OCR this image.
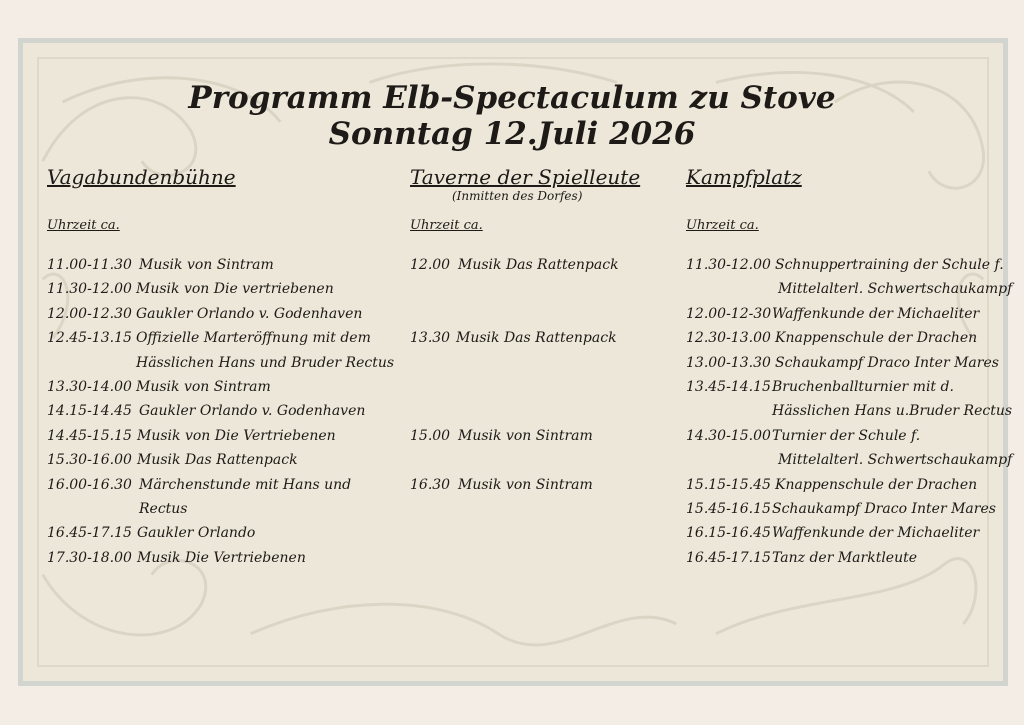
Programm Elb-Spectaculum zu Stove
Sonntag 12.Juli 2026
Vagabundenbühne
Uhrzeit ca.
11.00-11.30 Musik von Sintram
11.30-12.00 Musik von Die vertriebenen
12.00-12.30 Gaukler Orlando v. Godenhaven
12.45-13.15 Offizielle Marteröffnung mit dem
Hässlichen Hans und Bruder Rectus
13.30-14.00 Musik von Sintram
14.15-14.45 Gaukler Orlando v. Godenhaven
14.45-15.15 Musik von Die Vertriebenen
15.30-16.00 Musik Das Rattenpack
16.00-16.30 Märchenstunde mit Hans und
Rectus
16.45-17.15 Gaukler Orlando
17.30-18.00 Musik Die Vertriebenen
Taverne der Spielleute
(Inmitten des Dorfes)
Uhrzeit ca.
12.00 Musik Das Rattenpack
13.30 Musik Das Rattenpack
15.00 Musik von Sintram
16.30 Musik von Sintram
Kampfplatz
Uhrzeit ca.
11.30-12.00 Schnuppertraining der Schule f.
Mittelalterl. Schwertschaukampf
12.00-12-30 Waffenkunde der Michaeliter
12.30-13.00 Knappenschule der Drachen
13.00-13.30 Schaukampf Draco Inter Mares
13.45-14.15 Bruchenballturnier mit d.
Hässlichen Hans u.Bruder Rectus
14.30-15.00 Turnier der Schule f.
Mittelalterl. Schwertschaukampf
15.15-15.45 Knappenschule der Drachen
15.45-16.15 Schaukampf Draco Inter Mares
16.15-16.45 Waffenkunde der Michaeliter
16.45-17.15 Tanz der Marktleute
